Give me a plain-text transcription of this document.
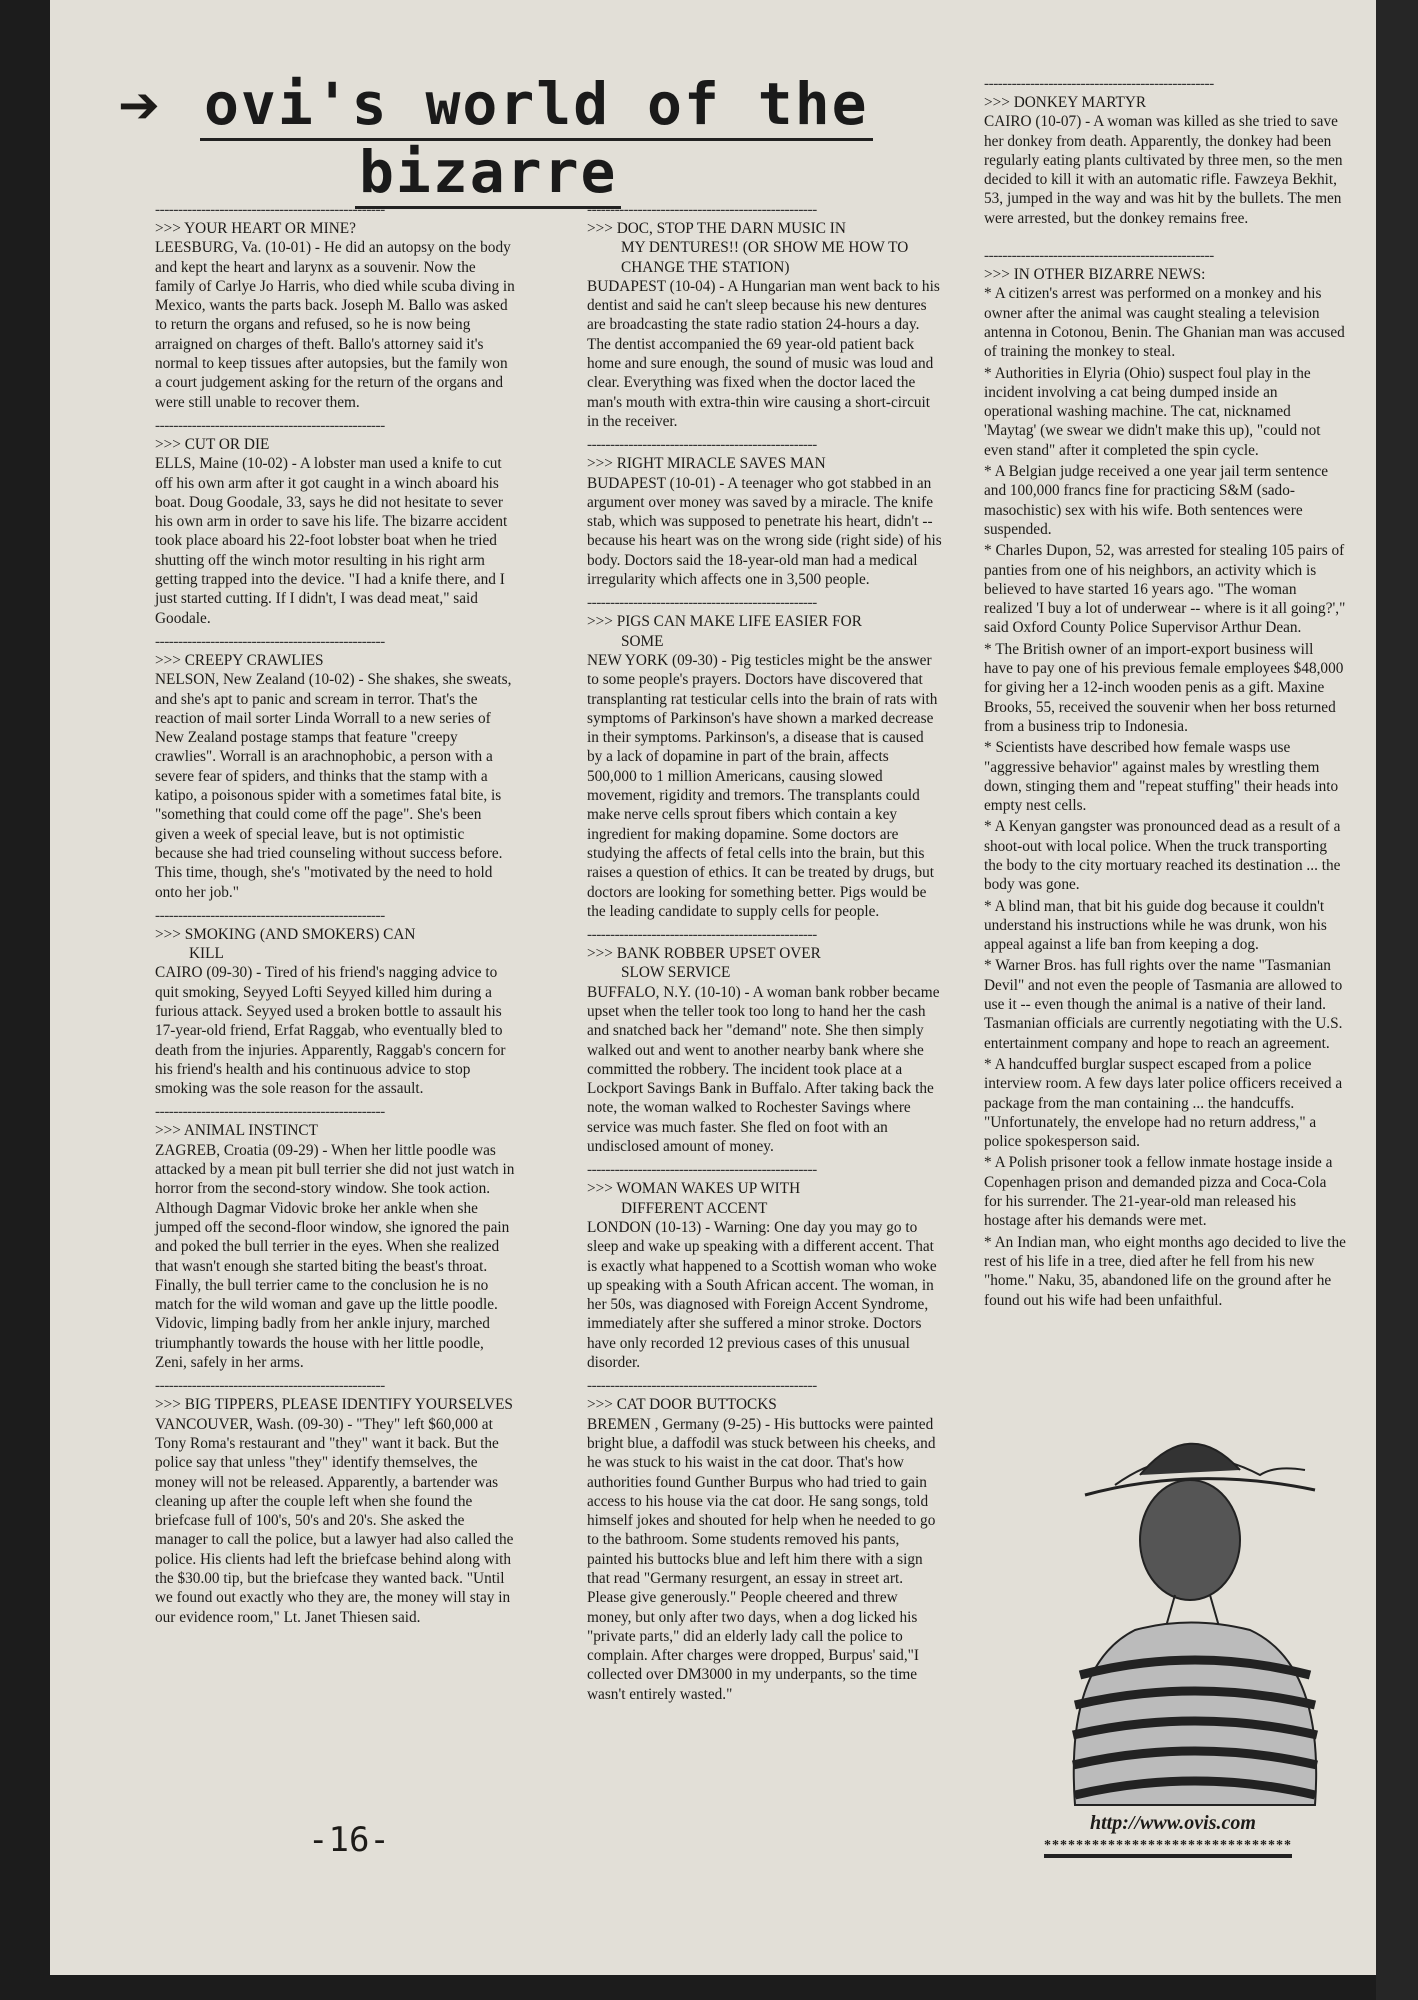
➔ ovi's world of the
bizarre
--------------------------------------------------
>>> YOUR HEART OR MINE?

LEESBURG, Va. (10-01) - He did an autopsy on the body and kept the heart and larynx as a souvenir. Now the family of Carlye Jo Harris, who died while scuba diving in Mexico, wants the parts back. Joseph M. Ballo was asked to return the organs and refused, so he is now being arraigned on charges of theft. Ballo's attorney said it's normal to keep tissues after autopsies, but the family won a court judgement asking for the return of the organs and were still unable to recover them.

--------------------------------------------------
>>> CUT OR DIE

ELLS, Maine (10-02) - A lobster man used a knife to cut off his own arm after it got caught in a winch aboard his boat. Doug Goodale, 33, says he did not hesitate to sever his own arm in order to save his life. The bizarre accident took place aboard his 22-foot lobster boat when he tried shutting off the winch motor resulting in his right arm getting trapped into the device. "I had a knife there, and I just started cutting. If I didn't, I was dead meat," said Goodale.

--------------------------------------------------
>>> CREEPY CRAWLIES

NELSON, New Zealand (10-02) - She shakes, she sweats, and she's apt to panic and scream in terror. That's the reaction of mail sorter Linda Worrall to a new series of New Zealand postage stamps that feature "creepy crawlies". Worrall is an arachnophobic, a person with a severe fear of spiders, and thinks that the stamp with a katipo, a poisonous spider with a sometimes fatal bite, is "something that could come off the page". She's been given a week of special leave, but is not optimistic because she had tried counseling without success before. This time, though, she's "motivated by the need to hold onto her job."

--------------------------------------------------
>>> SMOKING (AND SMOKERS) CAN
KILL

CAIRO (09-30) - Tired of his friend's nagging advice to quit smoking, Seyyed Lofti Seyyed killed him during a furious attack. Seyyed used a broken bottle to assault his 17-year-old friend, Erfat Raggab, who eventually bled to death from the injuries. Apparently, Raggab's concern for his friend's health and his continuous advice to stop smoking was the sole reason for the assault.

--------------------------------------------------
>>> ANIMAL INSTINCT

ZAGREB, Croatia (09-29) - When her little poodle was attacked by a mean pit bull terrier she did not just watch in horror from the second-story window. She took action. Although Dagmar Vidovic broke her ankle when she jumped off the second-floor window, she ignored the pain and poked the bull terrier in the eyes. When she realized that wasn't enough she started biting the beast's throat. Finally, the bull terrier came to the conclusion he is no match for the wild woman and gave up the little poodle. Vidovic, limping badly from her ankle injury, marched triumphantly towards the house with her little poodle, Zeni, safely in her arms.

--------------------------------------------------
>>> BIG TIPPERS, PLEASE IDENTIFY YOURSELVES

VANCOUVER, Wash. (09-30) - "They" left $60,000 at Tony Roma's restaurant and "they" want it back. But the police say that unless "they" identify themselves, the money will not be released. Apparently, a bartender was cleaning up after the couple left when she found the briefcase full of 100's, 50's and 20's. She asked the manager to call the police, but a lawyer had also called the police. His clients had left the briefcase behind along with the $30.00 tip, but the briefcase they wanted back. "Until we found out exactly who they are, the money will stay in our evidence room," Lt. Janet Thiesen said.

--------------------------------------------------
>>> DOC, STOP THE DARN MUSIC IN
MY DENTURES!! (OR SHOW ME HOW TO CHANGE THE STATION)

BUDAPEST (10-04) - A Hungarian man went back to his dentist and said he can't sleep because his new dentures are broadcasting the state radio station 24-hours a day. The dentist accompanied the 69 year-old patient back home and sure enough, the sound of music was loud and clear. Everything was fixed when the doctor laced the man's mouth with extra-thin wire causing a short-circuit in the receiver.

--------------------------------------------------
>>> RIGHT MIRACLE SAVES MAN

BUDAPEST (10-01) - A teenager who got stabbed in an argument over money was saved by a miracle. The knife stab, which was supposed to penetrate his heart, didn't -- because his heart was on the wrong side (right side) of his body. Doctors said the 18-year-old man had a medical irregularity which affects one in 3,500 people.

--------------------------------------------------
>>> PIGS CAN MAKE LIFE EASIER FOR
SOME

NEW YORK (09-30) - Pig testicles might be the answer to some people's prayers. Doctors have discovered that transplanting rat testicular cells into the brain of rats with symptoms of Parkinson's have shown a marked decrease in their symptoms. Parkinson's, a disease that is caused by a lack of dopamine in part of the brain, affects 500,000 to 1 million Americans, causing slowed movement, rigidity and tremors. The transplants could make nerve cells sprout fibers which contain a key ingredient for making dopamine. Some doctors are studying the affects of fetal cells into the brain, but this raises a question of ethics. It can be treated by drugs, but doctors are looking for something better. Pigs would be the leading candidate to supply cells for people.

--------------------------------------------------
>>> BANK ROBBER UPSET OVER
SLOW SERVICE

BUFFALO, N.Y. (10-10) - A woman bank robber became upset when the teller took too long to hand her the cash and snatched back her "demand" note. She then simply walked out and went to another nearby bank where she committed the robbery. The incident took place at a Lockport Savings Bank in Buffalo. After taking back the note, the woman walked to Rochester Savings where service was much faster. She fled on foot with an undisclosed amount of money.

--------------------------------------------------
>>> WOMAN WAKES UP WITH
DIFFERENT ACCENT

LONDON (10-13) - Warning: One day you may go to sleep and wake up speaking with a different accent. That is exactly what happened to a Scottish woman who woke up speaking with a South African accent. The woman, in her 50s, was diagnosed with Foreign Accent Syndrome, immediately after she suffered a minor stroke. Doctors have only recorded 12 previous cases of this unusual disorder.

--------------------------------------------------
>>> CAT DOOR BUTTOCKS

BREMEN , Germany (9-25) - His buttocks were painted bright blue, a daffodil was stuck between his cheeks, and he was stuck to his waist in the cat door. That's how authorities found Gunther Burpus who had tried to gain access to his house via the cat door. He sang songs, told himself jokes and shouted for help when he needed to go to the bathroom. Some students removed his pants, painted his buttocks blue and left him there with a sign that read "Germany resurgent, an essay in street art. Please give generously." People cheered and threw money, but only after two days, when a dog licked his "private parts," did an elderly lady call the police to complain. After charges were dropped, Burpus' said,"I collected over DM3000 in my underpants, so the time wasn't entirely wasted."

--------------------------------------------------
>>> DONKEY MARTYR

CAIRO (10-07) - A woman was killed as she tried to save her donkey from death. Apparently, the donkey had been regularly eating plants cultivated by three men, so the men decided to kill it with an automatic rifle. Fawzeya Bekhit, 53, jumped in the way and was hit by the bullets. The men were arrested, but the donkey remains free.

--------------------------------------------------
>>> IN OTHER BIZARRE NEWS:

* A citizen's arrest was performed on a monkey and his owner after the animal was caught stealing a television antenna in Cotonou, Benin. The Ghanian man was accused of training the monkey to steal.

* Authorities in Elyria (Ohio) suspect foul play in the incident involving a cat being dumped inside an operational washing machine. The cat, nicknamed 'Maytag' (we swear we didn't make this up), "could not even stand" after it completed the spin cycle.

* A Belgian judge received a one year jail term sentence and 100,000 francs fine for practicing S&M (sado-masochistic) sex with his wife. Both sentences were suspended.

* Charles Dupon, 52, was arrested for stealing 105 pairs of panties from one of his neighbors, an activity which is believed to have started 16 years ago. "The woman realized 'I buy a lot of underwear -- where is it all going?'," said Oxford County Police Supervisor Arthur Dean.

* The British owner of an import-export business will have to pay one of his previous female employees $48,000 for giving her a 12-inch wooden penis as a gift. Maxine Brooks, 55, received the souvenir when her boss returned from a business trip to Indonesia.

* Scientists have described how female wasps use "aggressive behavior" against males by wrestling them down, stinging them and "repeat stuffing" their heads into empty nest cells.

* A Kenyan gangster was pronounced dead as a result of a shoot-out with local police. When the truck transporting the body to the city mortuary reached its destination ... the body was gone.

* A blind man, that bit his guide dog because it couldn't understand his instructions while he was drunk, won his appeal against a life ban from keeping a dog.

* Warner Bros. has full rights over the name "Tasmanian Devil" and not even the people of Tasmania are allowed to use it -- even though the animal is a native of their land. Tasmanian officials are currently negotiating with the U.S. entertainment company and hope to reach an agreement.

* A handcuffed burglar suspect escaped from a police interview room. A few days later police officers received a package from the man containing ... the handcuffs. "Unfortunately, the envelope had no return address," a police spokesperson said.

* A Polish prisoner took a fellow inmate hostage inside a Copenhagen prison and demanded pizza and Coca-Cola for his surrender. The 21-year-old man released his hostage after his demands were met.

* An Indian man, who eight months ago decided to live the rest of his life in a tree, died after he fell from his new "home." Naku, 35, abandoned life on the ground after he found out his wife had been unfaithful.

-16-	http://www.ovis.com
*******************************
